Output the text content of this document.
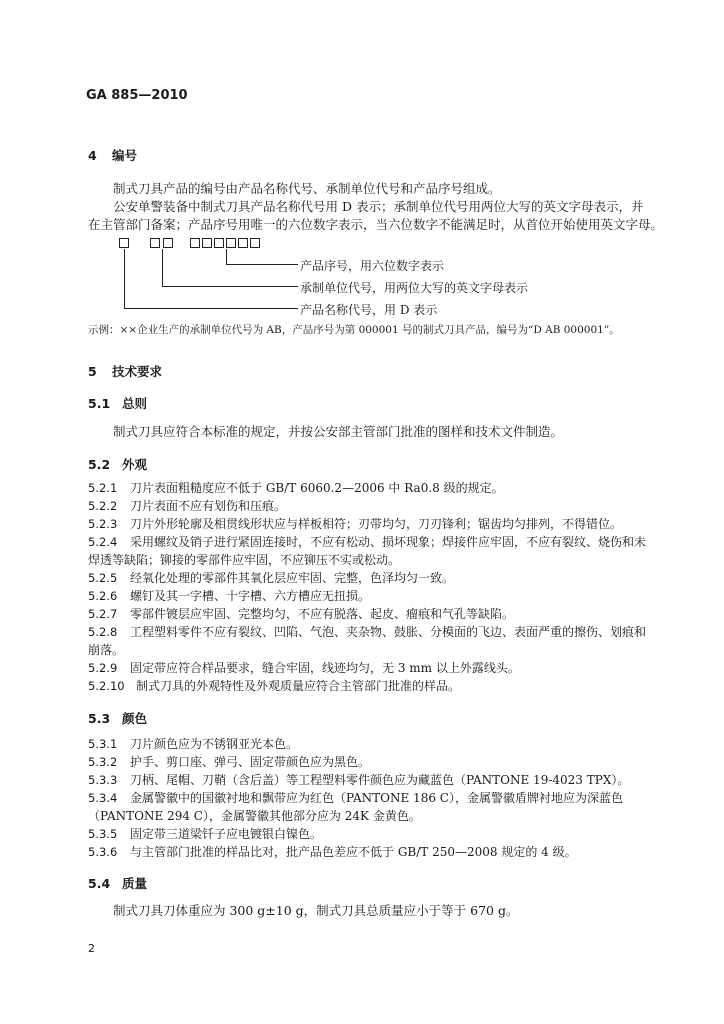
GA 885—2010
4 编号
制式刀具产品的编号由产品名称代号、承制单位代号和产品序号组成。
公安单警装备中制式刀具产品名称代号用 D 表示；承制单位代号用两位大写的英文字母表示，并
在主管部门备案；产品序号用唯一的六位数字表示，当六位数字不能满足时，从首位开始使用英文字母。
产品序号，用六位数字表示
承制单位代号，用两位大写的英文字母表示
产品名称代号，用 D 表示
示例：××企业生产的承制单位代号为 AB，产品序号为第 000001 号的制式刀具产品，编号为“D AB 000001”。
5 技术要求
5.1 总则
制式刀具应符合本标准的规定，并按公安部主管部门批准的图样和技术文件制造。
5.2 外观
5.2.1 刀片表面粗糙度应不低于 GB/T 6060.2—2006 中 Ra0.8 级的规定。
5.2.2 刀片表面不应有划伤和压痕。
5.2.3 刀片外形轮廓及相贯线形状应与样板相符；刃带均匀，刀刃锋利；锯齿均匀排列，不得错位。
5.2.4 采用螺纹及销子进行紧固连接时，不应有松动、损坏现象；焊接件应牢固，不应有裂纹、烧伤和未
焊透等缺陷；铆接的零部件应牢固，不应铆压不实或松动。
5.2.5 经氧化处理的零部件其氧化层应牢固、完整，色泽均匀一致。
5.2.6 螺钉及其一字槽、十字槽、六方槽应无扭损。
5.2.7 零部件镀层应牢固、完整均匀，不应有脱落、起皮、瘤痕和气孔等缺陷。
5.2.8 工程塑料零件不应有裂纹、凹陷、气泡、夹杂物、鼓胀、分模面的飞边、表面严重的擦伤、划痕和
崩落。
5.2.9 固定带应符合样品要求，缝合牢固，线迹均匀，无 3 mm 以上外露线头。
5.2.10 制式刀具的外观特性及外观质量应符合主管部门批准的样品。
5.3 颜色
5.3.1 刀片颜色应为不锈钢亚光本色。
5.3.2 护手、剪口座、弹弓、固定带颜色应为黑色。
5.3.3 刀柄、尾帽、刀鞘（含后盖）等工程塑料零件颜色应为藏蓝色（PANTONE 19-4023 TPX）。
5.3.4 金属警徽中的国徽衬地和飘带应为红色（PANTONE 186 C），金属警徽盾牌衬地应为深蓝色
（PANTONE 294 C），金属警徽其他部分应为 24K 金黄色。
5.3.5 固定带三道梁钎子应电镀银白镍色。
5.3.6 与主管部门批准的样品比对，批产品色差应不低于 GB/T 250—2008 规定的 4 级。
5.4 质量
制式刀具刀体重应为 300 g±10 g，制式刀具总质量应小于等于 670 g。
2
